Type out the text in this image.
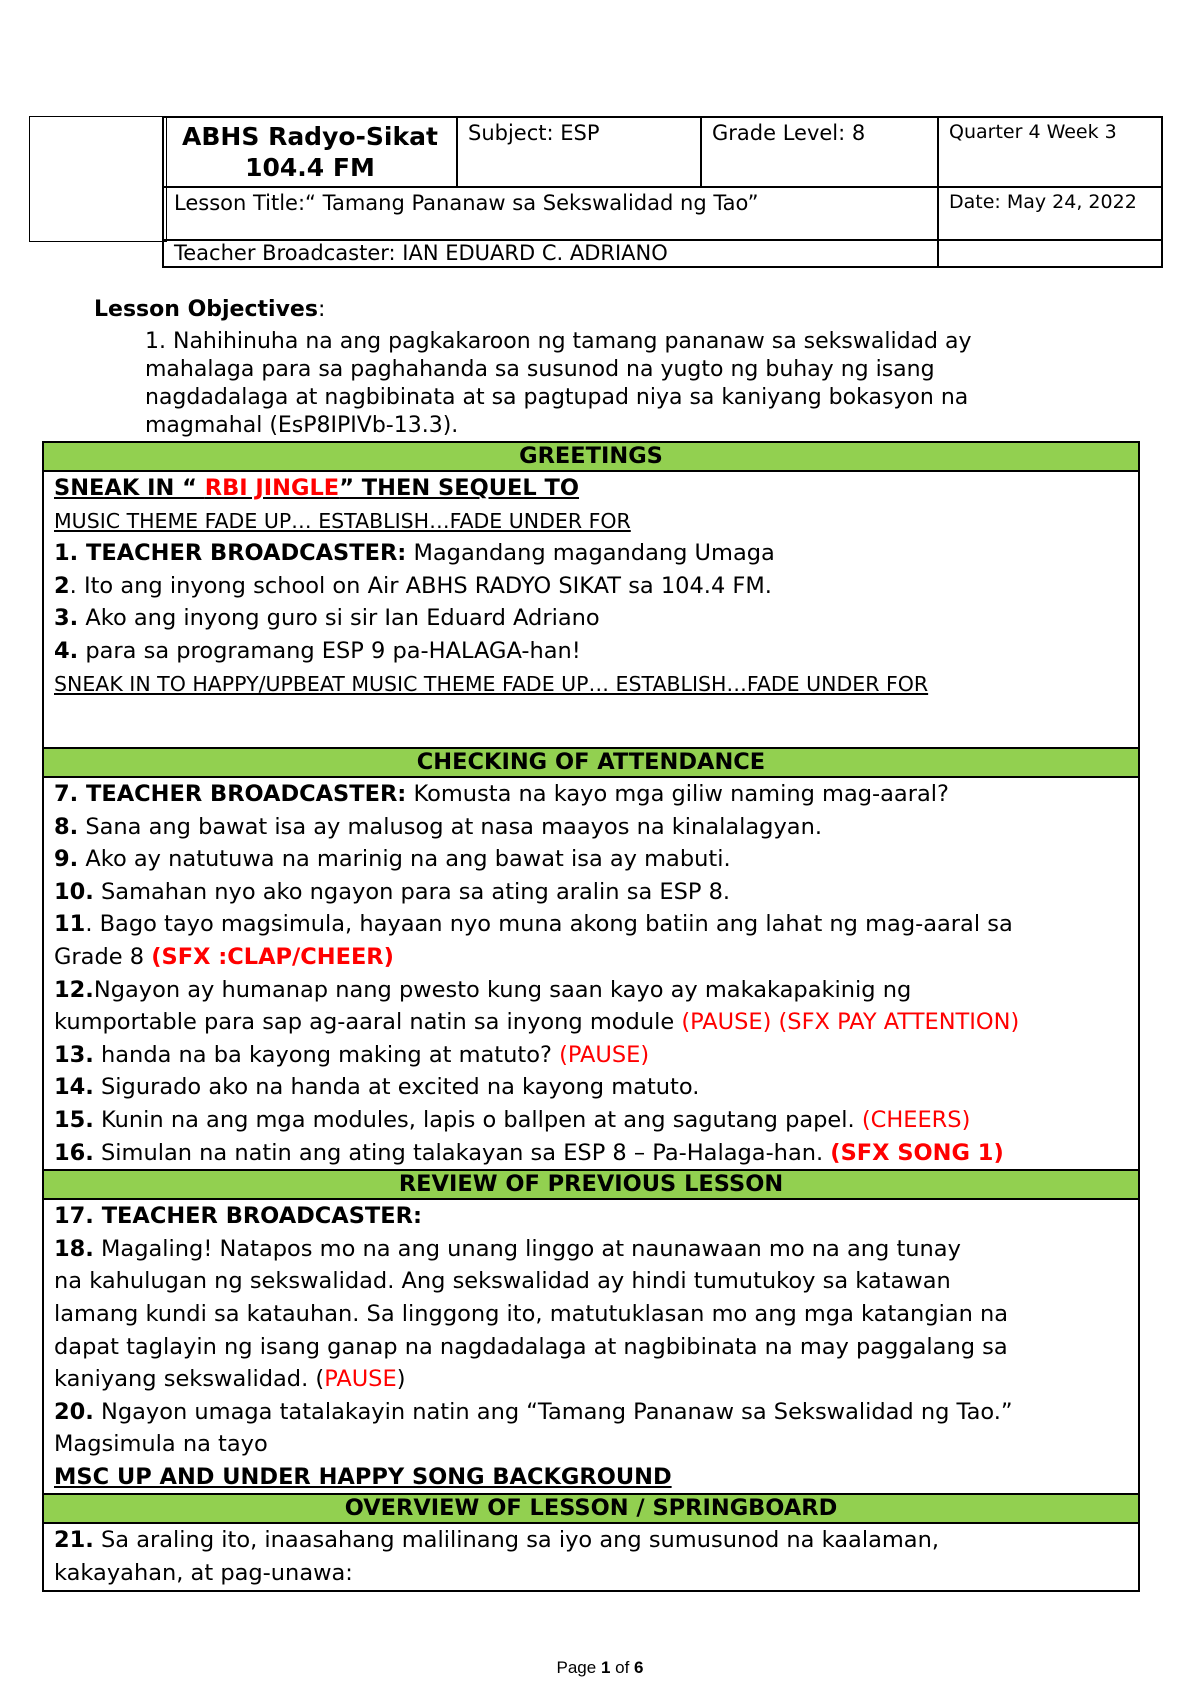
ABHS Radyo-Sikat 104.4 FM	Subject: ESP	Grade Level: 8	Quarter 4 Week 3
Lesson Title:“ Tamang Pananaw sa Sekswalidad ng Tao”			Date: May 24, 2022
Teacher Broadcaster: IAN EDUARD C. ADRIANO			
Lesson Objectives:
1. Nahihinuha na ang pagkakaroon ng tamang pananaw sa sekswalidad ay mahalaga para sa paghahanda sa susunod na yugto ng buhay ng isang nagdadalaga at nagbibinata at sa pagtupad niya sa kaniyang bokasyon na magmahal (EsP8IPIVb-13.3).
GREETINGS

SNEAK IN “ RBI JINGLE” THEN SEQUEL TO
MUSIC THEME FADE UP… ESTABLISH…FADE UNDER FOR
1. TEACHER BROADCASTER: Magandang magandang Umaga
2. Ito ang inyong school on Air ABHS RADYO SIKAT sa 104.4 FM.
3. Ako ang inyong guro si sir Ian Eduard Adriano
4. para sa programang ESP 9 pa-HALAGA-han!
SNEAK IN TO HAPPY/UPBEAT MUSIC THEME FADE UP… ESTABLISH…FADE UNDER FOR

CHECKING OF ATTENDANCE

7. TEACHER BROADCASTER: Komusta na kayo mga giliw naming mag-aaral?
8. Sana ang bawat isa ay malusog at nasa maayos na kinalalagyan.
9. Ako ay natutuwa na marinig na ang bawat isa ay mabuti.
10. Samahan nyo ako ngayon para sa ating aralin sa ESP 8.
11. Bago tayo magsimula, hayaan nyo muna akong batiin ang lahat ng mag-aaral sa
Grade 8 (SFX :CLAP/CHEER)
12.Ngayon ay humanap nang pwesto kung saan kayo ay makakapakinig ng
kumportable para sap ag-aaral natin sa inyong module (PAUSE) (SFX PAY ATTENTION)
13. handa na ba kayong making at matuto? (PAUSE)
14. Sigurado ako na handa at excited na kayong matuto.
15. Kunin na ang mga modules, lapis o ballpen at ang sagutang papel. (CHEERS)
16. Simulan na natin ang ating talakayan sa ESP 8 – Pa-Halaga-han. (SFX SONG 1)

REVIEW OF PREVIOUS LESSON

17. TEACHER BROADCASTER:
18. Magaling! Natapos mo na ang unang linggo at naunawaan mo na ang tunay
na kahulugan ng sekswalidad. Ang sekswalidad ay hindi tumutukoy sa katawan
lamang kundi sa katauhan. Sa linggong ito, matutuklasan mo ang mga katangian na
dapat taglayin ng isang ganap na nagdadalaga at nagbibinata na may paggalang sa
kaniyang sekswalidad. (PAUSE)
20. Ngayon umaga tatalakayin natin ang “Tamang Pananaw sa Sekswalidad ng Tao.”
Magsimula na tayo
MSC UP AND UNDER HAPPY SONG BACKGROUND

OVERVIEW OF LESSON / SPRINGBOARD

21. Sa araling ito, inaasahang malilinang sa iyo ang sumusunod na kaalaman,
kakayahan, at pag-unawa:
Page 1 of 6
